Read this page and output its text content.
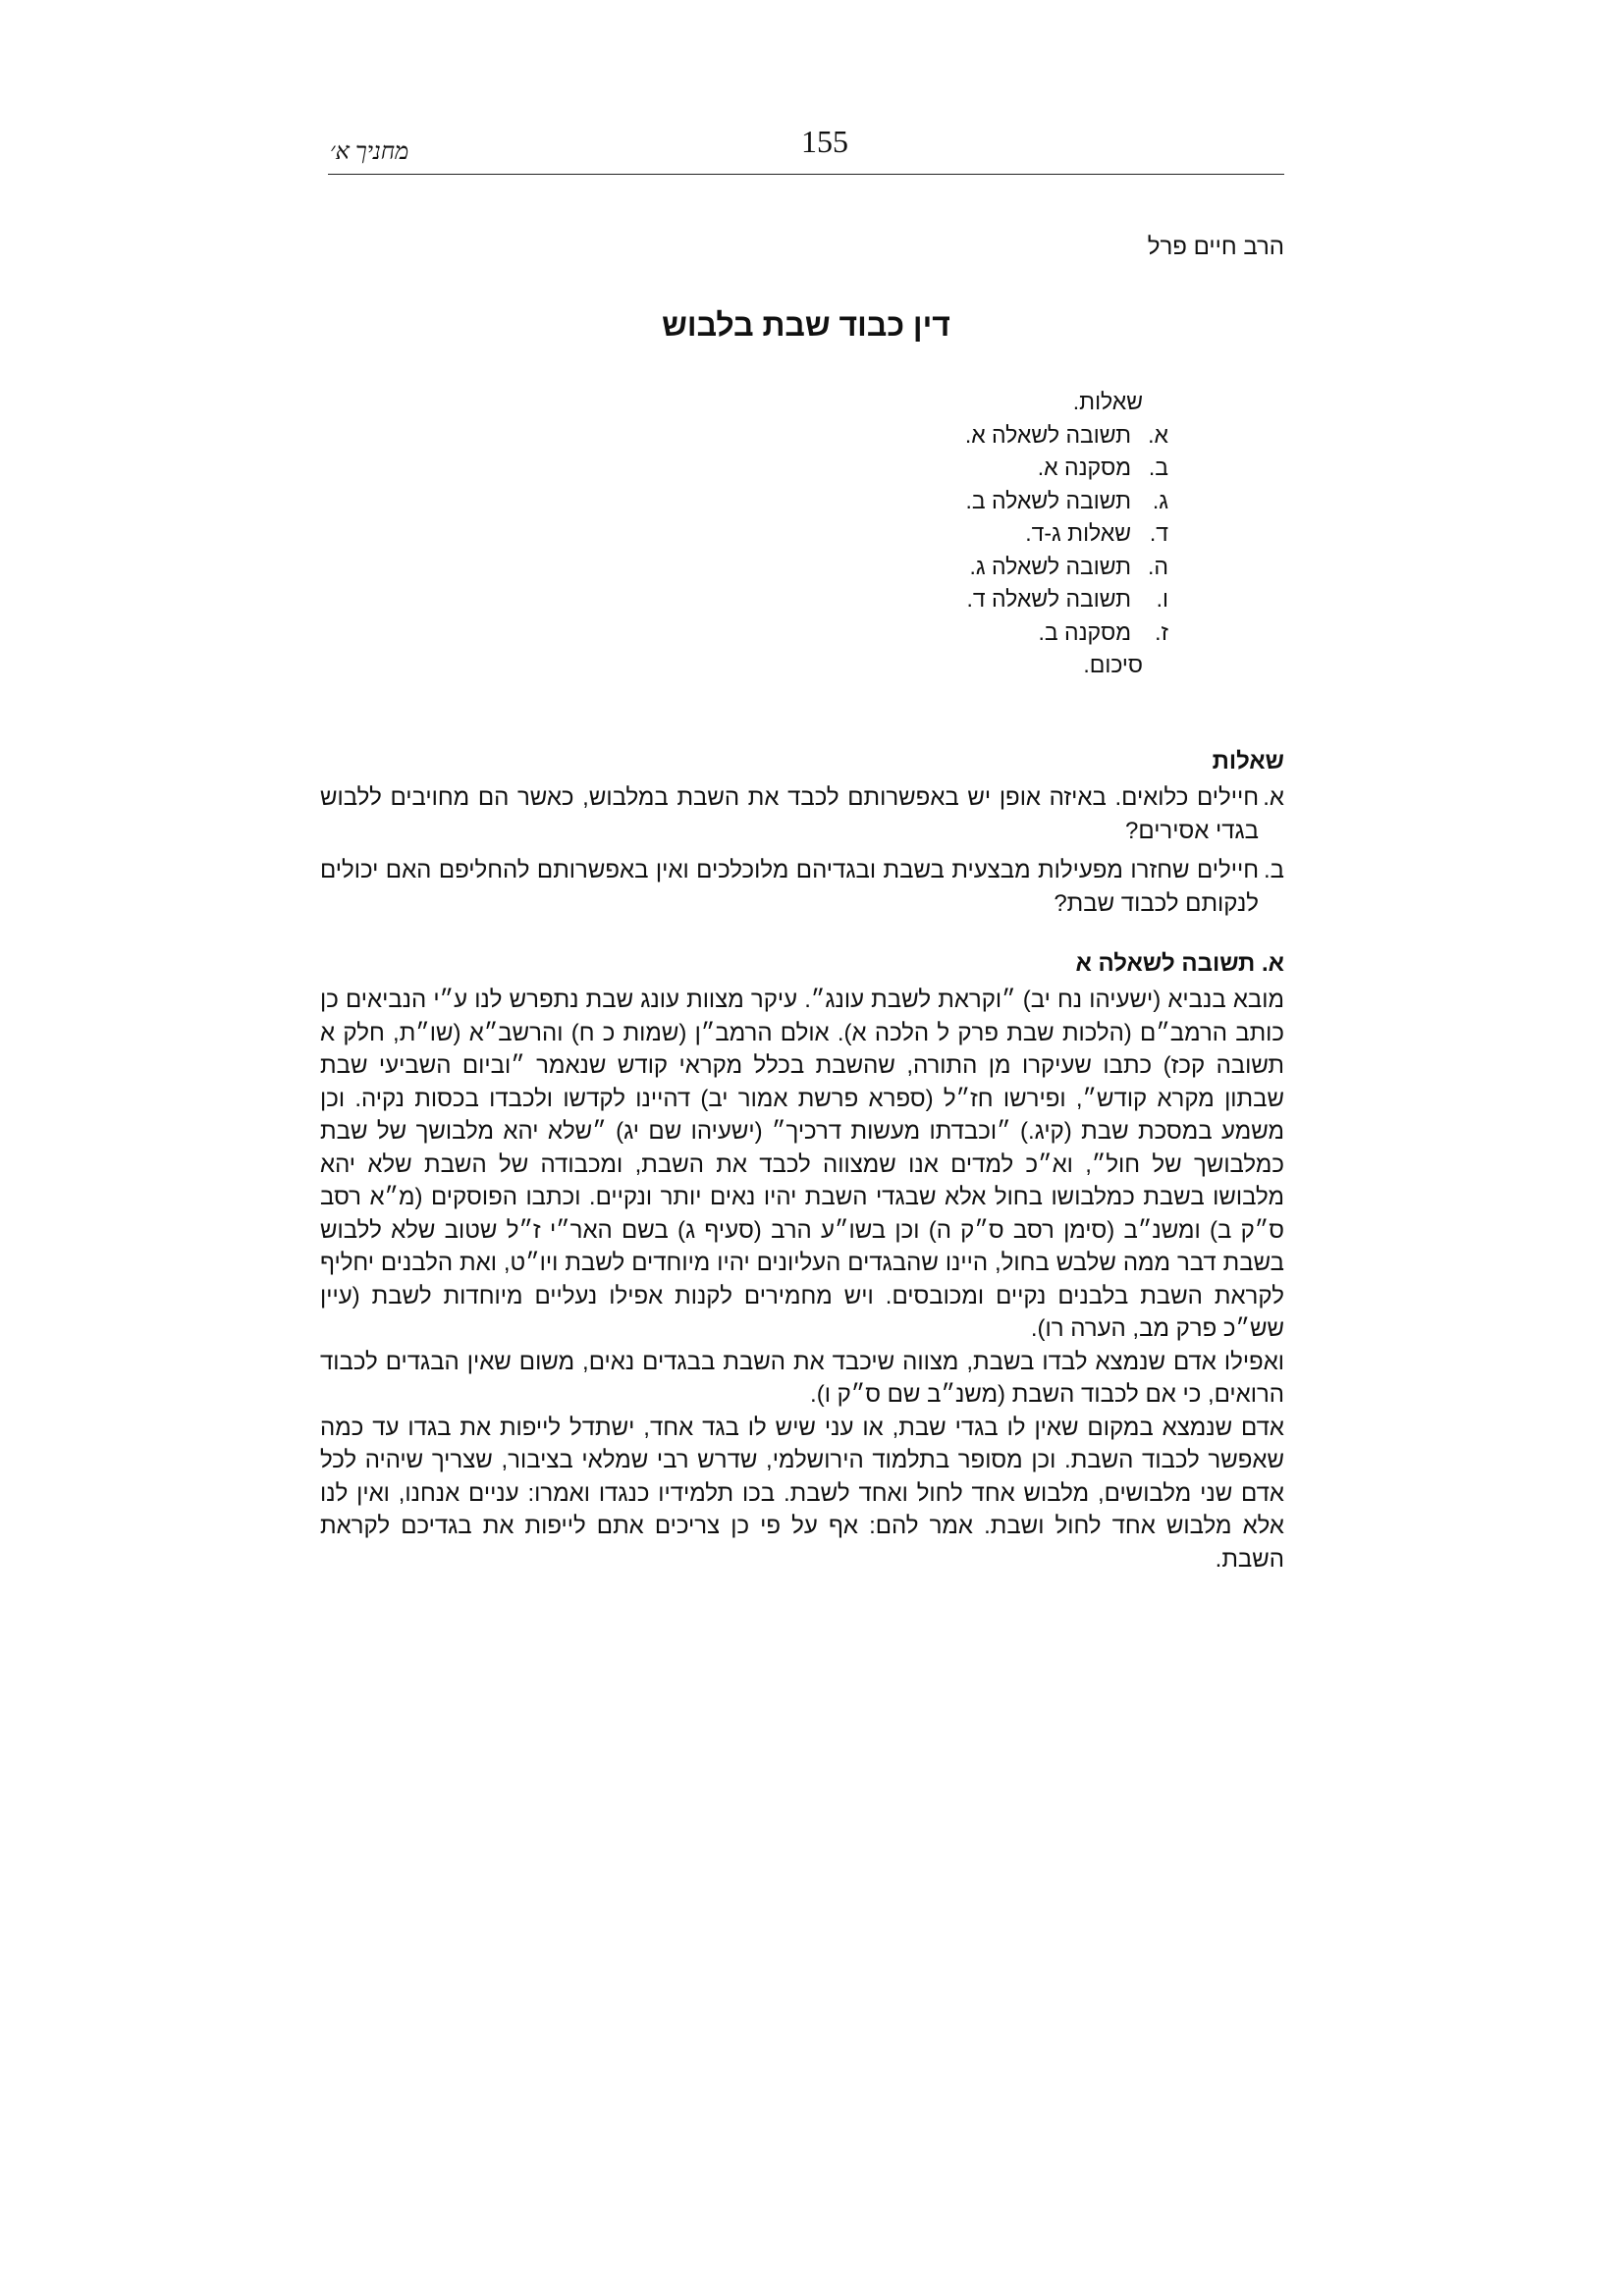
מחניך א׳	155
הרב חיים פרל
דין כבוד שבת בלבוש
שאלות.
א.
תשובה לשאלה א.
ב.
מסקנה א.
ג.
תשובה לשאלה ב.
ד.
שאלות ג-ד.
ה.
תשובה לשאלה ג.
ו.
תשובה לשאלה ד.
ז.
מסקנה ב.
סיכום.
שאלות
א.
חיילים כלואים. באיזה אופן יש באפשרותם לכבד את השבת במלבוש, כאשר הם מחויבים ללבוש בגדי אסירים?
ב.
חיילים שחזרו מפעילות מבצעית בשבת ובגדיהם מלוכלכים ואין באפשרותם להחליפם האם יכולים לנקותם לכבוד שבת?
א. תשובה לשאלה א

מובא בנביא (ישעיהו נח יב) ״וקראת לשבת עונג״. עיקר מצוות עונג שבת נתפרש לנו ע״י הנביאים כן כותב הרמב״ם (הלכות שבת פרק ל הלכה א). אולם הרמב״ן (שמות כ ח) והרשב״א (שו״ת, חלק א תשובה קכז) כתבו שעיקרו מן התורה, שהשבת בכלל מקראי קודש שנאמר ״וביום השביעי שבת שבתון מקרא קודש״, ופירשו חז״ל (ספרא פרשת אמור יב) דהיינו לקדשו ולכבדו בכסות נקיה. וכן משמע במסכת שבת (קיג.) ״וכבדתו מעשות דרכיך״ (ישעיהו שם יג) ״שלא יהא מלבושך של שבת כמלבושך של חול״, וא״כ למדים אנו שמצווה לכבד את השבת, ומכבודה של השבת שלא יהא מלבושו בשבת כמלבושו בחול אלא שבגדי השבת יהיו נאים יותר ונקיים. וכתבו הפוסקים (מ״א רסב ס״ק ב) ומשנ״ב (סימן רסב ס״ק ה) וכן בשו״ע הרב (סעיף ג) בשם האר״י ז״ל שטוב שלא ללבוש בשבת דבר ממה שלבש בחול, היינו שהבגדים העליונים יהיו מיוחדים לשבת ויו״ט, ואת הלבנים יחליף לקראת השבת בלבנים נקיים ומכובסים. ויש מחמירים לקנות אפילו נעליים מיוחדות לשבת (עיין שש״כ פרק מב, הערה רו).

ואפילו אדם שנמצא לבדו בשבת, מצווה שיכבד את השבת בבגדים נאים, משום שאין הבגדים לכבוד הרואים, כי אם לכבוד השבת (משנ״ב שם ס״ק ו).

אדם שנמצא במקום שאין לו בגדי שבת, או עני שיש לו בגד אחד, ישתדל לייפות את בגדו עד כמה שאפשר לכבוד השבת. וכן מסופר בתלמוד הירושלמי, שדרש רבי שמלאי בציבור, שצריך שיהיה לכל אדם שני מלבושים, מלבוש אחד לחול ואחד לשבת. בכו תלמידיו כנגדו ואמרו: עניים אנחנו, ואין לנו אלא מלבוש אחד לחול ושבת. אמר להם: אף על פי כן צריכים אתם לייפות את בגדיכם לקראת השבת.
